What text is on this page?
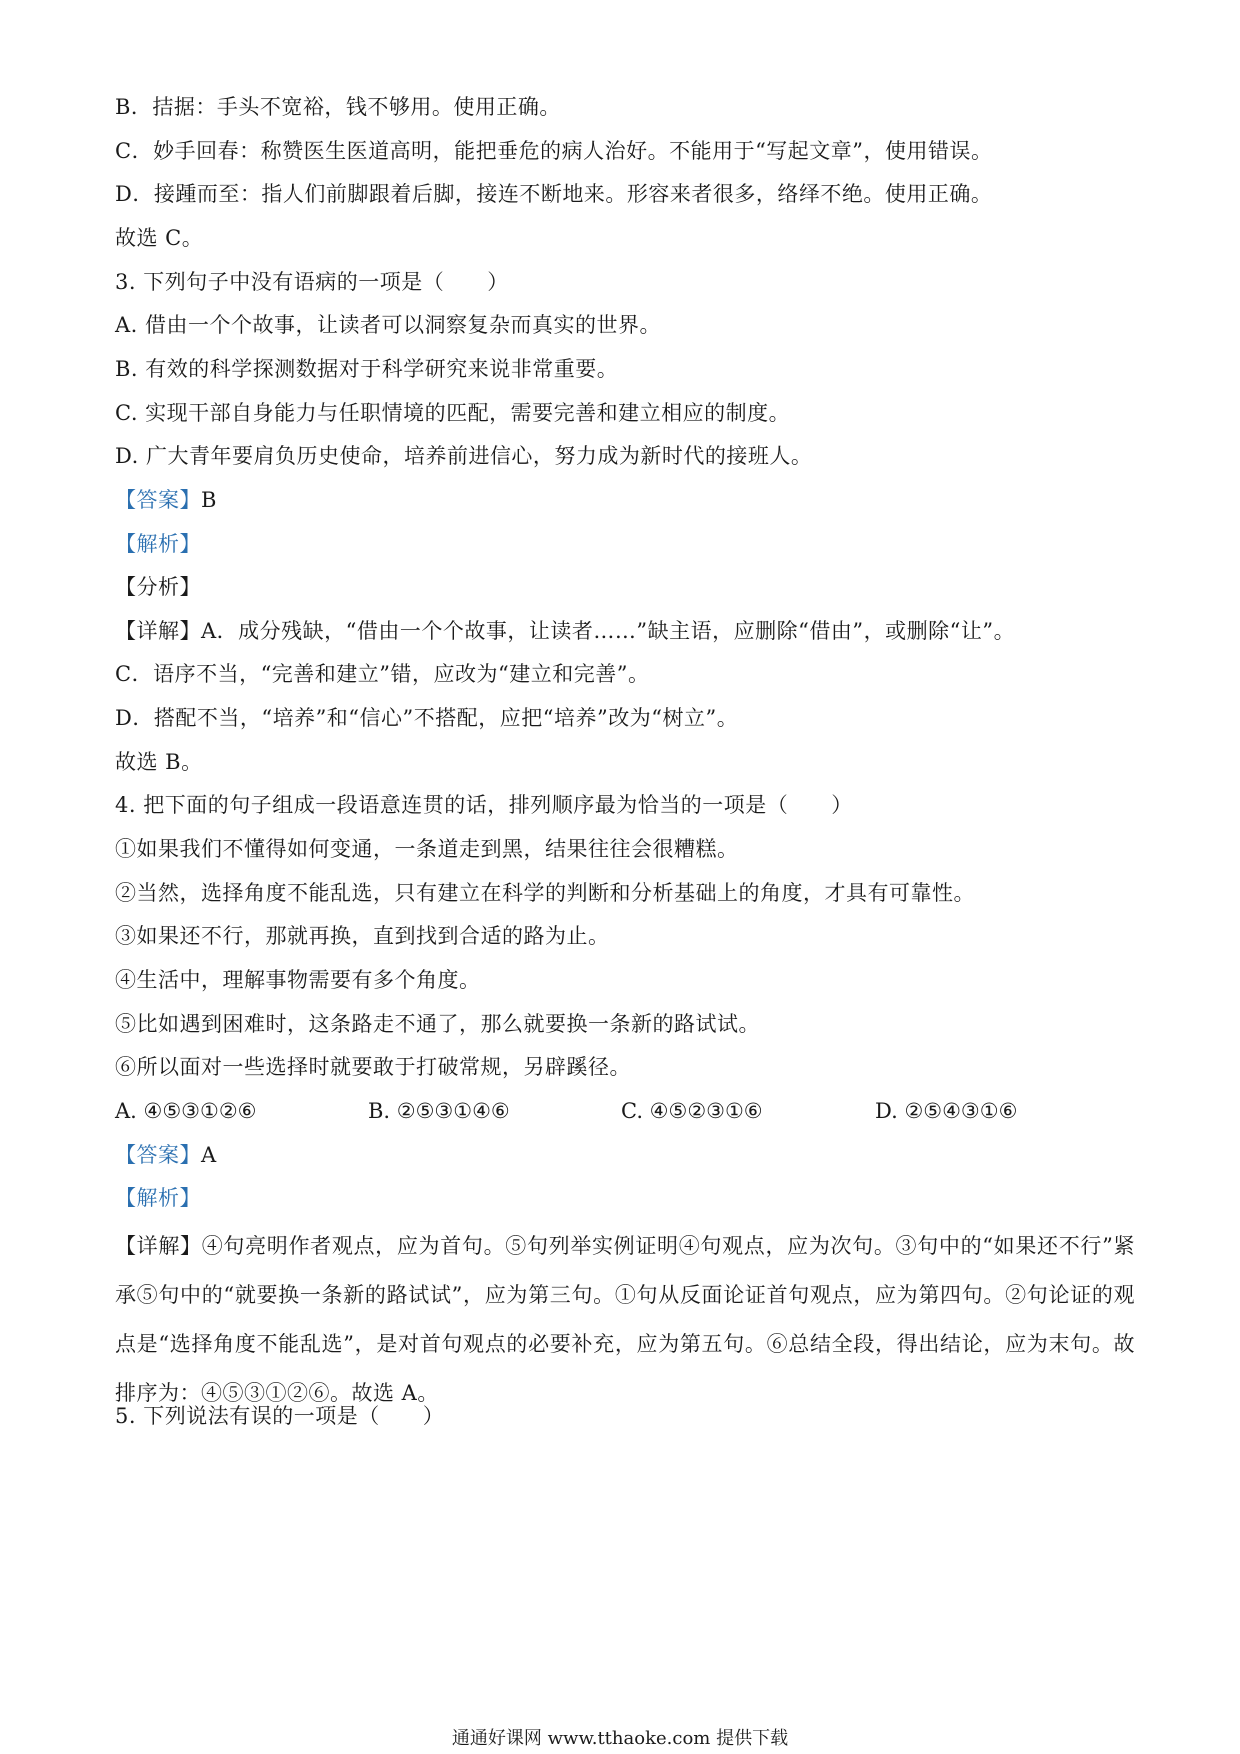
B．拮据：手头不宽裕，钱不够用。使用正确。
C．妙手回春：称赞医生医道高明，能把垂危的病人治好。不能用于“写起文章”，使用错误。
D．接踵而至：指人们前脚跟着后脚，接连不断地来。形容来者很多，络绎不绝。使用正确。
故选 C。
3. 下列句子中没有语病的一项是（　　）
A. 借由一个个故事，让读者可以洞察复杂而真实的世界。
B. 有效的科学探测数据对于科学研究来说非常重要。
C. 实现干部自身能力与任职情境的匹配，需要完善和建立相应的制度。
D. 广大青年要肩负历史使命，培养前进信心，努力成为新时代的接班人。
【答案】B
【解析】
【分析】
【详解】A．成分残缺，“借由一个个故事，让读者……”缺主语，应删除“借由”，或删除“让”。
C．语序不当，“完善和建立”错，应改为“建立和完善”。
D．搭配不当，“培养”和“信心”不搭配，应把“培养”改为“树立”。
故选 B。
4. 把下面的句子组成一段语意连贯的话，排列顺序最为恰当的一项是（　　）
①如果我们不懂得如何变通，一条道走到黑，结果往往会很糟糕。
②当然，选择角度不能乱选，只有建立在科学的判断和分析基础上的角度，才具有可靠性。
③如果还不行，那就再换，直到找到合适的路为止。
④生活中，理解事物需要有多个角度。
⑤比如遇到困难时，这条路走不通了，那么就要换一条新的路试试。
⑥所以面对一些选择时就要敢于打破常规，另辟蹊径。
A. ④⑤③①②⑥	B. ②⑤③①④⑥	C. ④⑤②③①⑥	D. ②⑤④③①⑥
【答案】A
【解析】
【详解】④句亮明作者观点，应为首句。⑤句列举实例证明④句观点，应为次句。③句中的“如果还不行”紧承⑤句中的“就要换一条新的路试试”，应为第三句。①句从反面论证首句观点，应为第四句。②句论证的观点是“选择角度不能乱选”，是对首句观点的必要补充，应为第五句。⑥总结全段，得出结论，应为末句。故排序为：④⑤③①②⑥。故选 A。
5. 下列说法有误的一项是（　　）
通通好课网 www.tthaoke.com 提供下载
